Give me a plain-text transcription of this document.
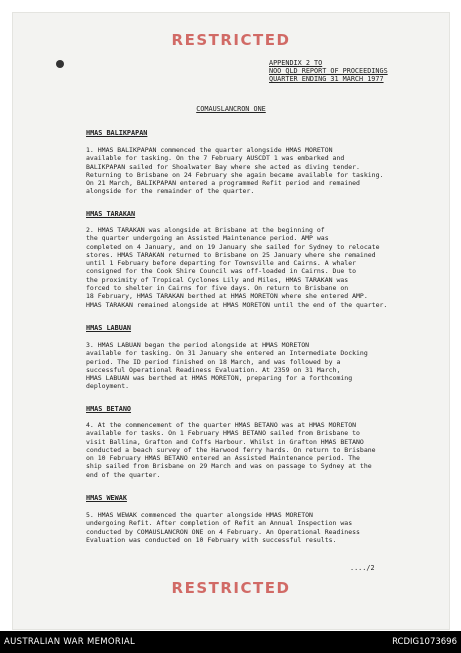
RESTRICTED
APPENDIX 2 TO
NOO QLD REPORT OF PROCEEDINGS
QUARTER ENDING 31 MARCH 1977
COMAUSLANCRON ONE
HMAS BALIKPAPAN
1. HMAS BALIKPAPAN commenced the quarter alongside HMAS MORETON
available for tasking. On the 7 February AUSCDT 1 was embarked and
BALIKPAPAN sailed for Shoalwater Bay where she acted as diving tender.
Returning to Brisbane on 24 February she again became available for tasking.
On 21 March, BALIKPAPAN entered a programmed Refit period and remained
alongside for the remainder of the quarter.
HMAS TARAKAN
2. HMAS TARAKAN was alongside at Brisbane at the beginning of
the quarter undergoing an Assisted Maintenance period. AMP was
completed on 4 January, and on 19 January she sailed for Sydney to relocate
stores. HMAS TARAKAN returned to Brisbane on 25 January where she remained
until 1 February before departing for Townsville and Cairns. A whaler
consigned for the Cook Shire Council was off-loaded in Cairns. Due to
the proximity of Tropical Cyclones Lily and Miles, HMAS TARAKAN was
forced to shelter in Cairns for five days. On return to Brisbane on
18 February, HMAS TARAKAN berthed at HMAS MORETON where she entered AMP.
HMAS TARAKAN remained alongside at HMAS MORETON until the end of the quarter.
HMAS LABUAN
3. HMAS LABUAN began the period alongside at HMAS MORETON
available for tasking. On 31 January she entered an Intermediate Docking
period. The ID period finished on 18 March, and was followed by a
successful Operational Readiness Evaluation. At 2359 on 31 March,
HMAS LABUAN was berthed at HMAS MORETON, preparing for a forthcoming
deployment.
HMAS BETANO
4. At the commencement of the quarter HMAS BETANO was at HMAS MORETON
available for tasks. On 1 February HMAS BETANO sailed from Brisbane to
visit Ballina, Grafton and Coffs Harbour. Whilst in Grafton HMAS BETANO
conducted a beach survey of the Harwood ferry hards. On return to Brisbane
on 10 February HMAS BETANO entered an Assisted Maintenance period. The
ship sailed from Brisbane on 29 March and was on passage to Sydney at the
end of the quarter.
HMAS WEWAK
5. HMAS WEWAK commenced the quarter alongside HMAS MORETON
undergoing Refit. After completion of Refit an Annual Inspection was
conducted by COMAUSLANCRON ONE on 4 February. An Operational Readiness
Evaluation was conducted on 10 February with successful results.
..../2
RESTRICTED
AUSTRALIAN WAR MEMORIAL	RCDIG1073696
